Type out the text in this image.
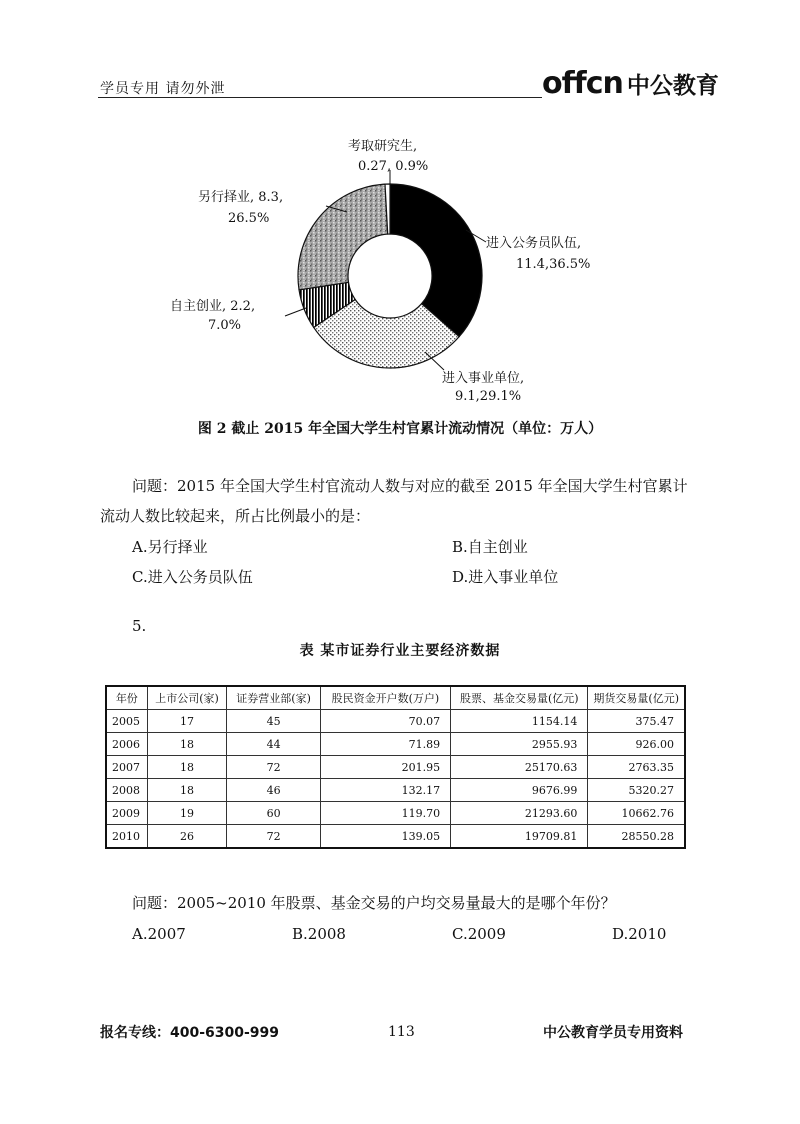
学员专用 请勿外泄	offcn 中公教育
进入公务员队伍,
11.4,36.5%
进入事业单位,
9.1,29.1%
自主创业, 2.2,
7.0%
另行择业, 8.3,
26.5%
考取研究生,
0.27, 0.9%
图 2 截止 2015 年全国大学生村官累计流动情况（单位：万人）
问题：2015 年全国大学生村官流动人数与对应的截至 2015 年全国大学生村官累计
流动人数比较起来，所占比例最小的是：
A.另行择业	B.自主创业
C.进入公务员队伍	D.进入事业单位
5.
表 某市证券行业主要经济数据
年份	上市公司(家)	证券营业部(家)	股民资金开户数(万户)	股票、基金交易量(亿元)	期货交易量(亿元)
2005	17	45	70.07	1154.14	375.47
2006	18	44	71.89	2955.93	926.00
2007	18	72	201.95	25170.63	2763.35
2008	18	46	132.17	9676.99	5320.27
2009	19	60	119.70	21293.60	10662.76
2010	26	72	139.05	19709.81	28550.28
问题：2005~2010 年股票、基金交易的户均交易量最大的是哪个年份？
A.2007	B.2008	C.2009	D.2010
报名专线：400-6300-999	113	中公教育学员专用资料
